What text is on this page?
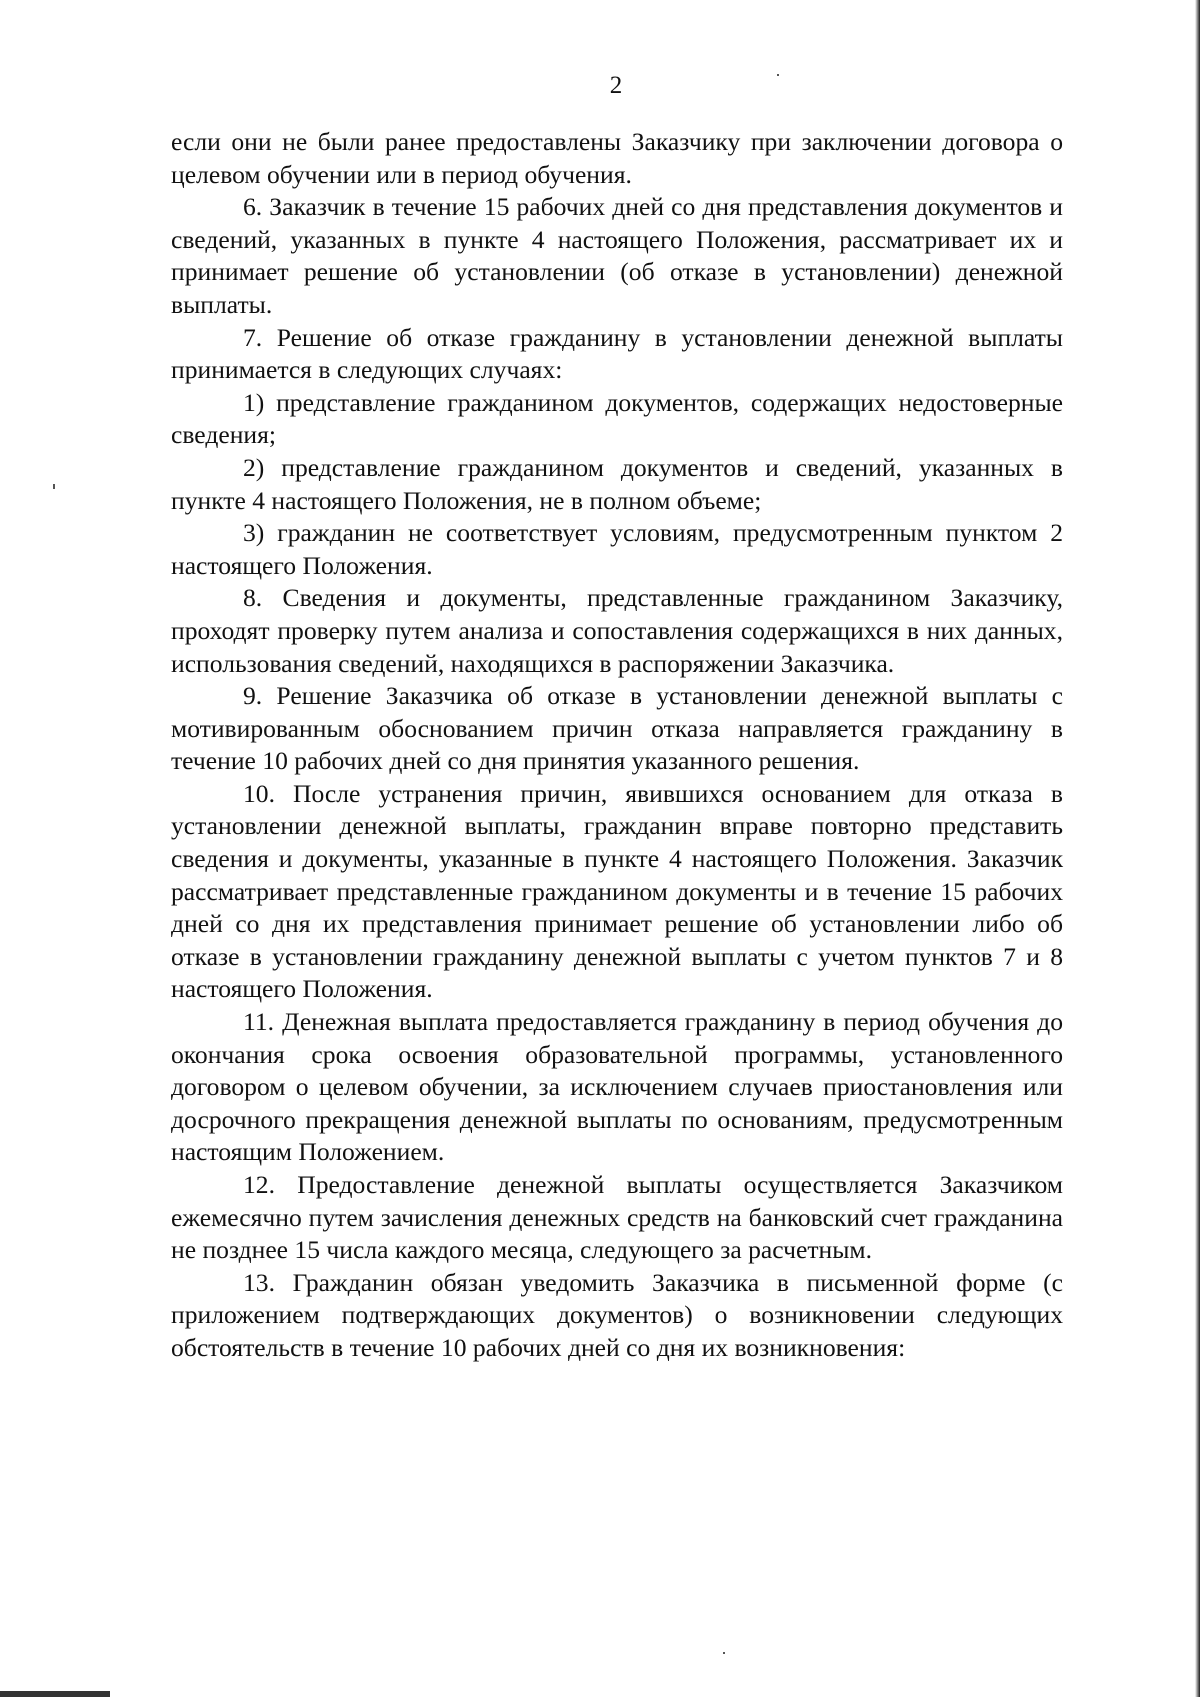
2

если они не были ранее предоставлены Заказчику при заключении договора о целевом обучении или в период обучения.

6. Заказчик в течение 15 рабочих дней со дня представления документов и сведений, указанных в пункте 4 настоящего Положения, рассматривает их и принимает решение об установлении (об отказе в установлении) денежной выплаты.

7. Решение об отказе гражданину в установлении денежной выплаты принимается в следующих случаях:

1) представление гражданином документов, содержащих недостоверные сведения;

2) представление гражданином документов и сведений, указанных в пункте 4 настоящего Положения, не в полном объеме;

3) гражданин не соответствует условиям, предусмотренным пунктом 2 настоящего Положения.

8. Сведения и документы, представленные гражданином Заказчику, проходят проверку путем анализа и сопоставления содержащихся в них данных, использования сведений, находящихся в распоряжении Заказчика.

9. Решение Заказчика об отказе в установлении денежной выплаты с мотивированным обоснованием причин отказа направляется гражданину в течение 10 рабочих дней со дня принятия указанного решения.

10. После устранения причин, явившихся основанием для отказа в установлении денежной выплаты, гражданин вправе повторно представить сведения и документы, указанные в пункте 4 настоящего Положения. Заказчик рассматривает представленные гражданином документы и в течение 15 рабочих дней со дня их представления принимает решение об установлении либо об отказе в установлении гражданину денежной выплаты с учетом пунктов 7 и 8 настоящего Положения.

11. Денежная выплата предоставляется гражданину в период обучения до окончания срока освоения образовательной программы, установленного договором о целевом обучении, за исключением случаев приостановления или досрочного прекращения денежной выплаты по основаниям, предусмотренным настоящим Положением.

12. Предоставление денежной выплаты осуществляется Заказчиком ежемесячно путем зачисления денежных средств на банковский счет гражданина не позднее 15 числа каждого месяца, следующего за расчетным.

13. Гражданин обязан уведомить Заказчика в письменной форме (с приложением подтверждающих документов) о возникновении следующих обстоятельств в течение 10 рабочих дней со дня их возникновения:
